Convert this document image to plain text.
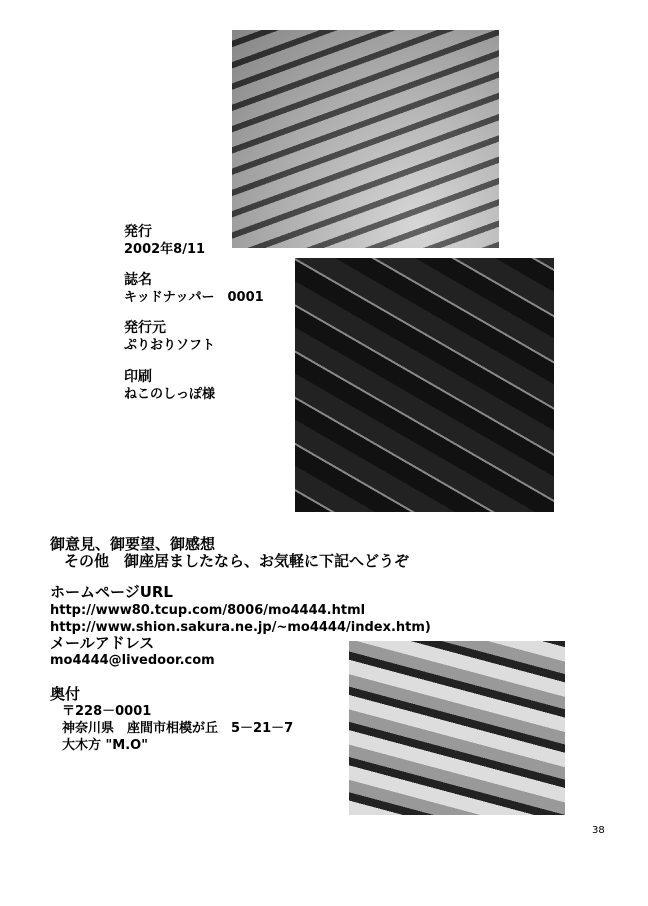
発行
2002年8/11
誌名
キッドナッパー　0001
発行元
ぷりおりソフト
印刷
ねこのしっぽ様
御意見、御要望、御感想
その他　御座居ましたなら、お気軽に下記へどうぞ
ホームページURL
http://www80.tcup.com/8006/mo4444.html
http://www.shion.sakura.ne.jp/~mo4444/index.htm)
メールアドレス
mo4444@livedoor.com
奥付
〒228－0001
神奈川県　座間市相模が丘　5－21－7
大木方 "M.O"
38
